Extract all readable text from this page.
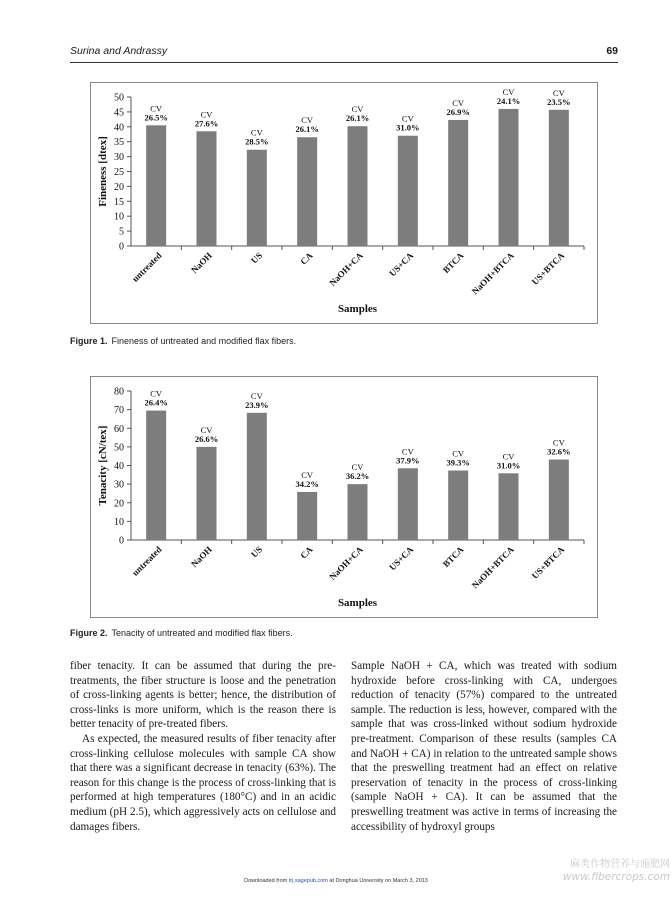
Surina and Andrassy	69
0
5
10
15
20
25
30
35
40
45
50
CV
26.5%
untreated
CV
27.6%
NaOH
CV
28.5%
US
CV
26.1%
CA
CV
26.1%
NaOH+CA
CV
31.0%
US+CA
CV
26.9%
BTCA
CV
24.1%
NaOH+BTCA
CV
23.5%
US+BTCA
Samples
Fineness [dtex]
Figure 1. Fineness of untreated and modified flax fibers.
0
10
20
30
40
50
60
70
80	CV
26.4%
untreated
CV
26.6%
NaOH
CV
23.9%
US
CV
34.2%
CA
CV
36.2%
NaOH+CA
CV
37.9%
US+CA
CV
39.3%
BTCA
CV
31.0%
NaOH+BTCA
CV
32.6%
US+BTCA
Samples
Tenacity [cN/tex]
Figure 2. Tenacity of untreated and modified flax fibers.

fiber tenacity. It can be assumed that during the pre-treatments, the fiber structure is loose and the penetration of cross-linking agents is better; hence, the distribution of cross-links is more uniform, which is the reason there is better tenacity of pre-treated fibers.

As expected, the measured results of fiber tenacity after cross-linking cellulose molecules with sample CA show that there was a significant decrease in tenacity (63%). The reason for this change is the process of cross-linking that is performed at high temperatures (180°C) and in an acidic medium (pH 2.5), which aggressively acts on cellulose and damages fibers.

Sample NaOH + CA, which was treated with sodium hydroxide before cross-linking with CA, undergoes reduction of tenacity (57%) compared to the untreated sample. The reduction is less, however, compared with the sample that was cross-linked without sodium hydroxide pre-treatment. Comparison of these results (samples CA and NaOH + CA) in relation to the untreated sample shows that the preswelling treatment had an effect on relative preservation of tenacity in the process of cross-linking (sample NaOH + CA). It can be assumed that the preswelling treatment was active in terms of increasing the accessibility of hydroxyl groups

Downloaded from trj.sagepub.com at Donghua University on March 3, 2013
麻类作物营养与施肥网
www.fibercrops.com
